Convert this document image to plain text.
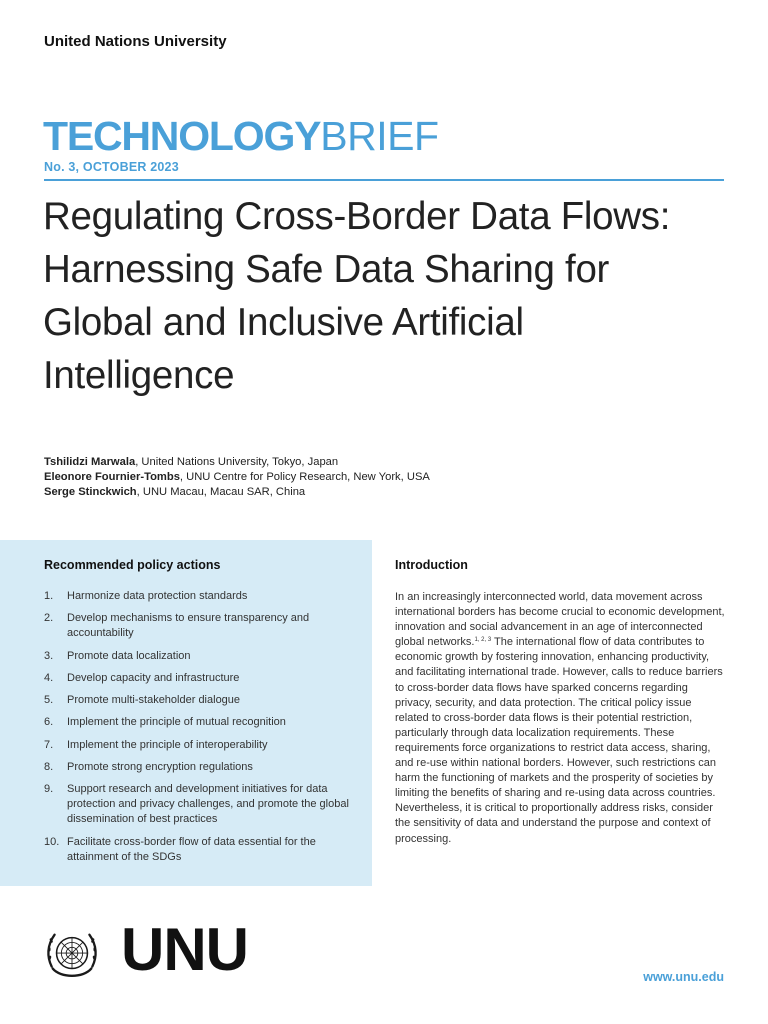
United Nations University
TECHNOLOGYBRIEF
No. 3, OCTOBER 2023
Regulating Cross-Border Data Flows: Harnessing Safe Data Sharing for Global and Inclusive Artificial Intelligence
Tshilidzi Marwala, United Nations University, Tokyo, Japan
Eleonore Fournier-Tombs, UNU Centre for Policy Research, New York, USA
Serge Stinckwich, UNU Macau, Macau SAR, China
Recommended policy actions
1. Harmonize data protection standards
2. Develop mechanisms to ensure transparency and accountability
3. Promote data localization
4. Develop capacity and infrastructure
5. Promote multi-stakeholder dialogue
6. Implement the principle of mutual recognition
7. Implement the principle of interoperability
8. Promote strong encryption regulations
9. Support research and development initiatives for data protection and privacy challenges, and promote the global dissemination of best practices
10. Facilitate cross-border flow of data essential for the attainment of the SDGs
Introduction

In an increasingly interconnected world, data movement across international borders has become crucial to economic development, innovation and social advancement in an age of interconnected global networks.$^{1, 2, 3}$ The international flow of data contributes to economic growth by fostering innovation, enhancing productivity, and facilitating international trade. However, calls to reduce barriers to cross-border data flows have sparked concerns regarding privacy, security, and data protection. The critical policy issue related to cross-border data flows is their potential restriction, particularly through data localization requirements. These requirements force organizations to restrict data access, sharing, and re-use within national borders. However, such restrictions can harm the functioning of markets and the prosperity of societies by limiting the benefits of sharing and re-using data across countries. Nevertheless, it is critical to proportionally address risks, consider the sensitivity of data and understand the purpose and context of processing.

UNU	www.unu.edu
